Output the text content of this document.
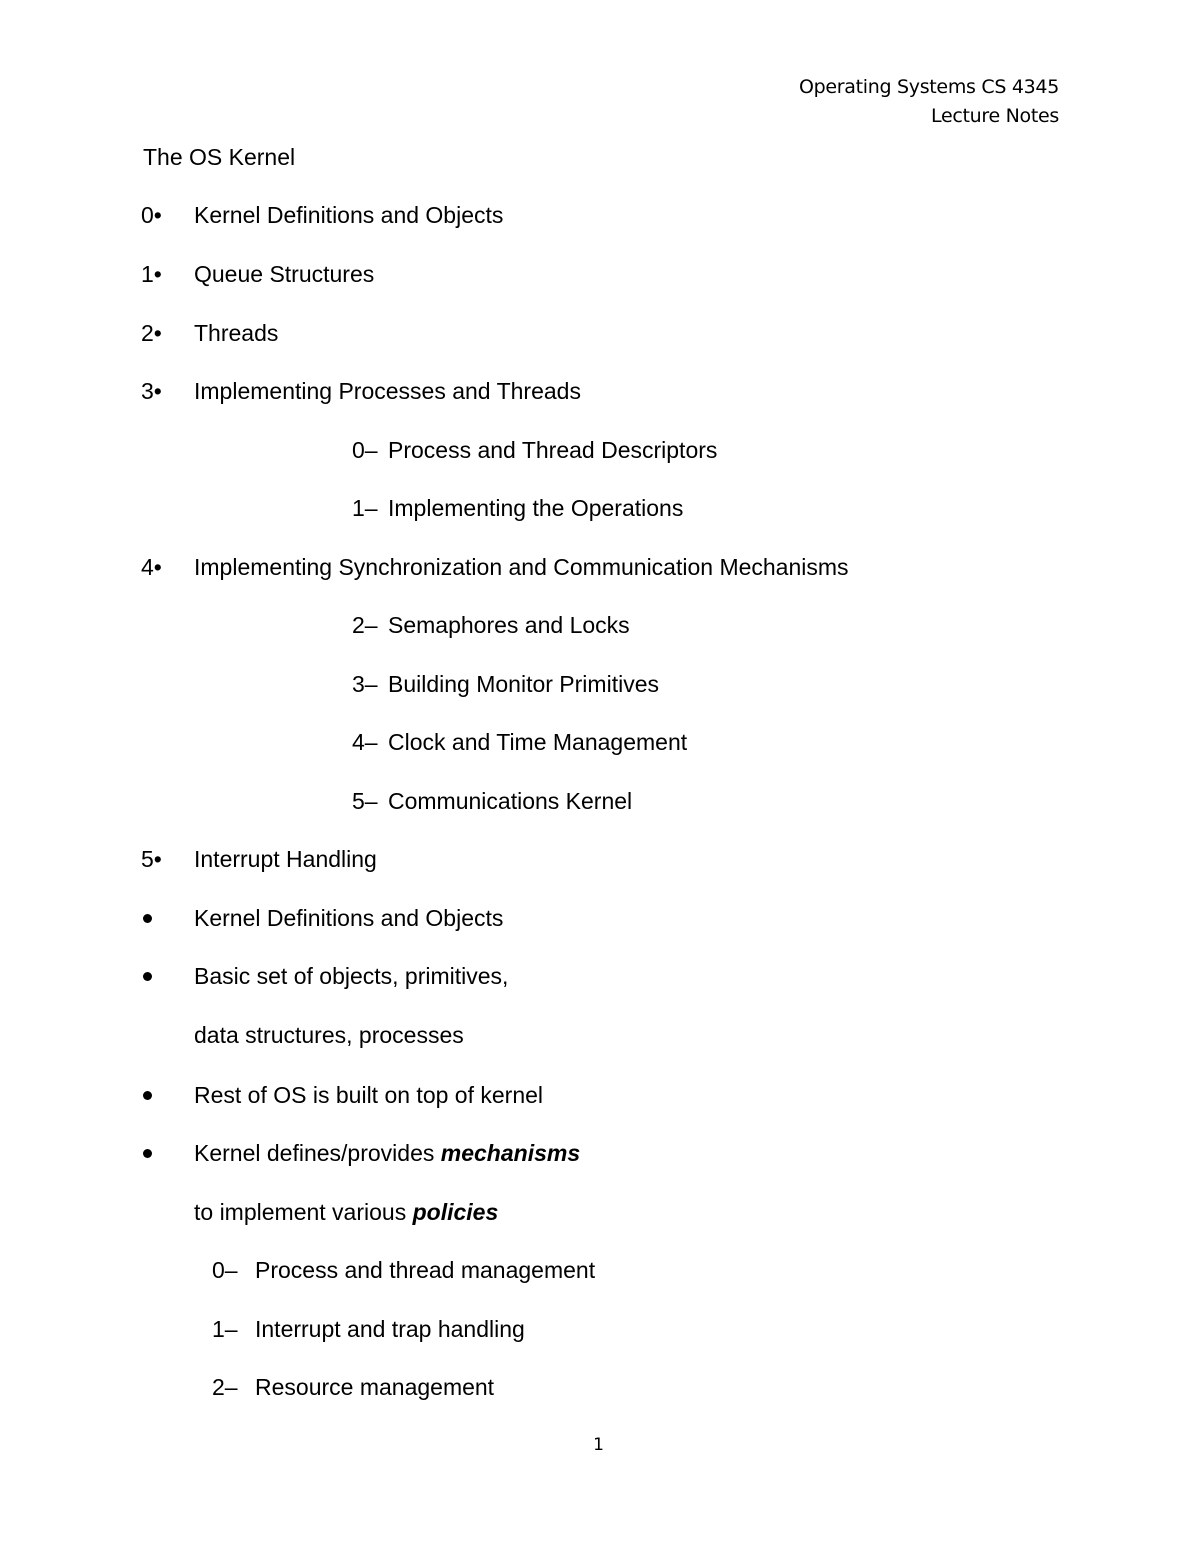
Operating Systems CS 4345
Lecture Notes
The OS Kernel
0• Kernel Definitions and Objects
1• Queue Structures
2• Threads
3• Implementing Processes and Threads
0– Process and Thread Descriptors
1– Implementing the Operations
4• Implementing Synchronization and Communication Mechanisms
2– Semaphores and Locks
3– Building Monitor Primitives
4– Clock and Time Management
5– Communications Kernel
5• Interrupt Handling
Kernel Definitions and Objects
Basic set of objects, primitives,
data structures, processes
Rest of OS is built on top of kernel
Kernel defines/provides mechanisms
to implement various policies
0– Process and thread management
1– Interrupt and trap handling
2– Resource management
1
